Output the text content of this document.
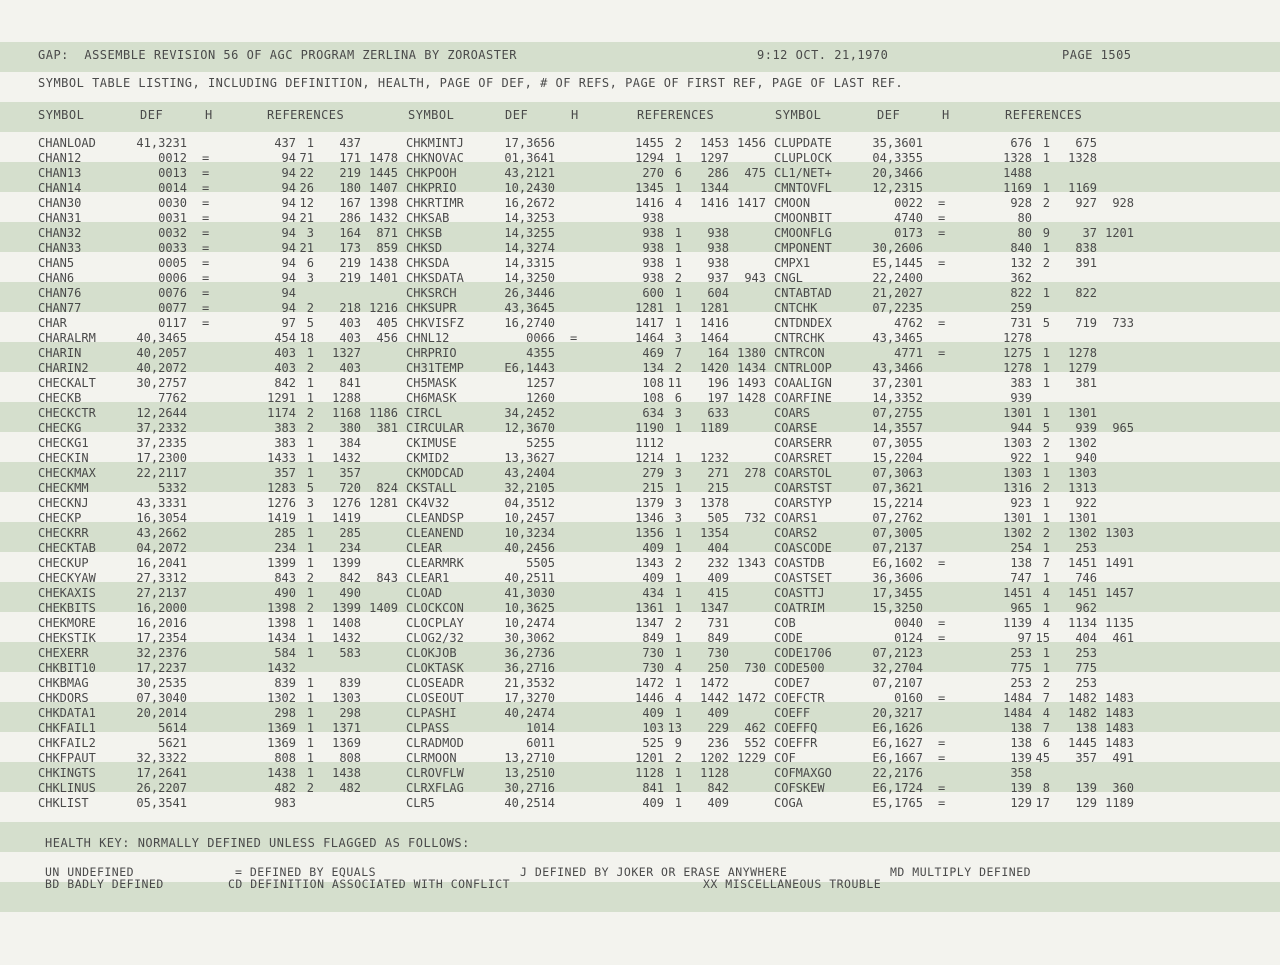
GAP:  ASSEMBLE REVISION 56 OF AGC PROGRAM ZERLINA BY ZOROASTER	9:12 OCT. 21,1970	PAGE 1505
SYMBOL TABLE LISTING, INCLUDING DEFINITION, HEALTH, PAGE OF DEF, # OF REFS, PAGE OF FIRST REF, PAGE OF LAST REF.
SYMBOL	DEF	H	REFERENCES	SYMBOL	DEF	H	REFERENCES	SYMBOL	DEF	H	REFERENCES
CHANLOAD	41,3231	437 1	437
CHAN12	0012 =	94 71	171 1478
CHAN13	0013 =	94 22	219 1445
CHAN14	0014 =	94 26	180 1407
CHAN30	0030 =	94 12	167 1398
CHAN31	0031 =	94 21	286 1432
CHAN32	0032 =	94 3	164	871
CHAN33	0033 =	94 21	173	859
CHAN5	0005 =	94 6	219 1438
CHAN6	0006 =	94 3	219 1401
CHAN76	0076 =	94
CHAN77	0077 =	94 2	218 1216
CHAR	0117 =	97 5	403	405
CHARALRM	40,3465	454 18	403	456
CHARIN	40,2057	403 1	1327
CHARIN2	40,2072	403 2	403
CHECKALT	30,2757	842 1	841
CHECKB	7762	1291 1	1288
CHECKCTR	12,2644	1174 2	1168 1186
CHECKG	37,2332	383 2	380	381
CHECKG1	37,2335	383 1	384
CHECKIN	17,2300	1433 1	1432
CHECKMAX	22,2117	357 1	357
CHECKMM	5332	1283 5	720	824
CHECKNJ	43,3331	1276 3	1276 1281
CHECKP	16,3054	1419 1	1419
CHECKRR	43,2662	285 1	285
CHECKTAB	04,2072	234 1	234
CHECKUP	16,2041	1399 1	1399
CHECKYAW	27,3312	843 2	842	843
CHEKAXIS	27,2137	490 1	490
CHEKBITS	16,2000	1398 2	1399 1409
CHEKMORE	16,2016	1398 1	1408
CHEKSTIK	17,2354	1434 1	1432
CHEXERR	32,2376	584 1	583
CHKBIT10	17,2237	1432
CHKBMAG	30,2535	839 1	839
CHKDORS	07,3040	1302 1	1303
CHKDATA1	20,2014	298 1	298
CHKFAIL1	5614	1369 1	1371
CHKFAIL2	5621	1369 1	1369
CHKFPAUT	32,3322	808 1	808
CHKINGTS	17,2641	1438 1	1438
CHKLINUS	26,2207	482 2	482
CHKLIST	05,3541	983
CHKMINTJ	17,3656	1455 2	1453 1456
CHKNOVAC	01,3641	1294 1	1297
CHKPOOH	43,2121	270 6	286	475
CHKPRIO	10,2430	1345 1	1344
CHKRTIMR	16,2672	1416 4	1416 1417
CHKSAB	14,3253	938
CHKSB	14,3255	938 1	938
CHKSD	14,3274	938 1	938
CHKSDA	14,3315	938 1	938
CHKSDATA	14,3250	938 2	937	943
CHKSRCH	26,3446	600 1	604
CHKSUPR	43,3645	1281 1	1281
CHKVISFZ	16,2740	1417 1	1416
CHNL12	0066 =	1464 3	1464
CHRPRIO	4355	469 7	164 1380
CH31TEMP	E6,1443	134 2	1420 1434
CH5MASK	1257	108 11	196 1493
CH6MASK	1260	108 6	197 1428
CIRCL	34,2452	634 3	633
CIRCULAR	12,3670	1190 1	1189
CKIMUSE	5255	1112
CKMID2	13,3627	1214 1	1232
CKMODCAD	43,2404	279 3	271	278
CKSTALL	32,2105	215 1	215
CK4V32	04,3512	1379 3	1378
CLEANDSP	10,2457	1346 3	505	732
CLEANEND	10,3234	1356 1	1354
CLEAR	40,2456	409 1	404
CLEARMRK	5505	1343 2	232 1343
CLEAR1	40,2511	409 1	409
CLOAD	41,3030	434 1	415
CLOCKCON	10,3625	1361 1	1347
CLOCPLAY	10,2474	1347 2	731
CLOG2/32	30,3062	849 1	849
CLOKJOB	36,2736	730 1	730
CLOKTASK	36,2716	730 4	250	730
CLOSEADR	21,3532	1472 1	1472
CLOSEOUT	17,3270	1446 4	1442 1472
CLPASHI	40,2474	409 1	409
CLPASS	1014	103 13	229	462
CLRADMOD	6011	525 9	236	552
CLRMOON	13,2710	1201 2	1202 1229
CLROVFLW	13,2510	1128 1	1128
CLRXFLAG	30,2716	841 1	842
CLR5	40,2514	409 1	409
CLUPDATE	35,3601	676 1	675
CLUPLOCK	04,3355	1328 1	1328
CL1/NET+	20,3466	1488
CMNTOVFL	12,2315	1169 1	1169
CMOON	0022 =	928 2	927	928
CMOONBIT	4740 =	80
CMOONFLG	0173 =	80 9	37 1201
CMPONENT	30,2606	840 1	838
CMPX1	E5,1445 =	132 2	391
CNGL	22,2400	362
CNTABTAD	21,2027	822 1	822
CNTCHK	07,2235	259
CNTDNDEX	4762 =	731 5	719	733
CNTRCHK	43,3465	1278
CNTRCON	4771 =	1275 1	1278
CNTRLOOP	43,3466	1278 1	1279
COAALIGN	37,2301	383 1	381
COARFINE	14,3352	939
COARS	07,2755	1301 1	1301
COARSE	14,3557	944 5	939	965
COARSERR	07,3055	1303 2	1302
COARSRET	15,2204	922 1	940
COARSTOL	07,3063	1303 1	1303
COARSTST	07,3621	1316 2	1313
COARSTYP	15,2214	923 1	922
COARS1	07,2762	1301 1	1301
COARS2	07,3005	1302 2	1302 1303
COASCODE	07,2137	254 1	253
COASTDB	E6,1602 =	138 7	1451 1491
COASTSET	36,3606	747 1	746
COASTTJ	17,3455	1451 4	1451 1457
COATRIM	15,3250	965 1	962
COB	0040 =	1139 4	1134 1135
CODE	0124 =	97 15	404	461
CODE1706	07,2123	253 1	253
CODE500	32,2704	775 1	775
CODE7	07,2107	253 2	253
COEFCTR	0160 =	1484 7	1482 1483
COEFF	20,3217	1484 4	1482 1483
COEFFQ	E6,1626	138 7	138 1483
COEFFR	E6,1627 =	138 6	1445 1483
COF	E6,1667 =	139 45	357	491
COFMAXGO	22,2176	358
COFSKEW	E6,1724 =	139 8	139	360
COGA	E5,1765 =	129 17	129 1189
HEALTH KEY: NORMALLY DEFINED UNLESS FLAGGED AS FOLLOWS:
UN UNDEFINED	= DEFINED BY EQUALS	J DEFINED BY JOKER OR ERASE ANYWHERE	MD MULTIPLY DEFINED
BD BADLY DEFINED	CD DEFINITION ASSOCIATED WITH CONFLICT	XX MISCELLANEOUS TROUBLE
